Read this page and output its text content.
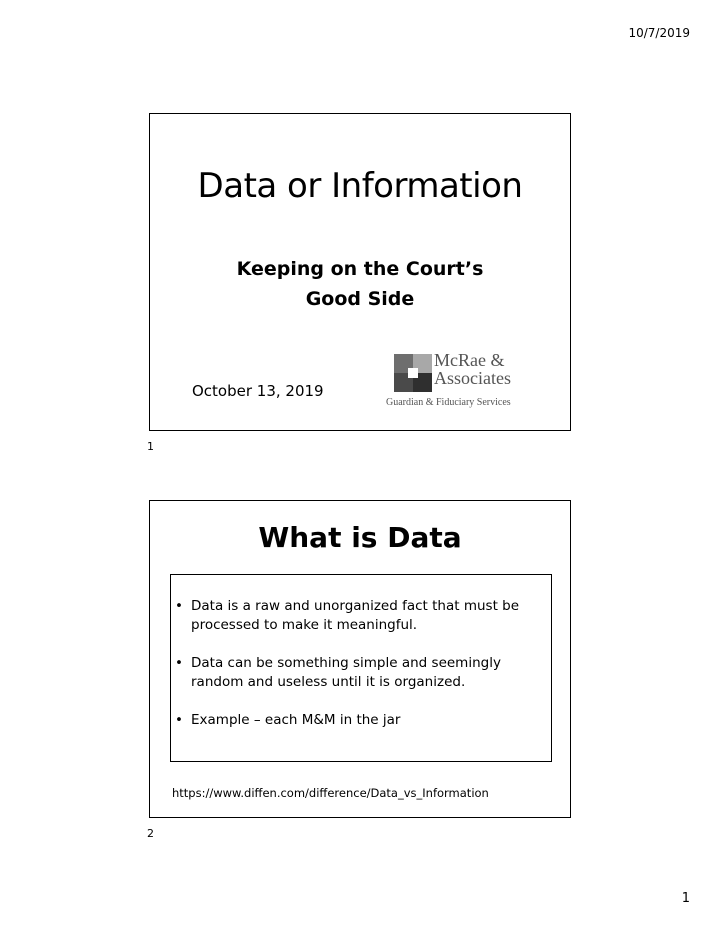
10/7/2019
Data or Information
Keeping on the Court’s
Good Side
October 13, 2019
McRae &
Associates
Guardian & Fiduciary Services
1
What is Data
• Data is a raw and unorganized fact that must be processed to make it meaningful.
• Data can be something simple and seemingly random and useless until it is organized.
• Example – each M&M in the jar
https://www.diffen.com/difference/Data_vs_Information
2
1
